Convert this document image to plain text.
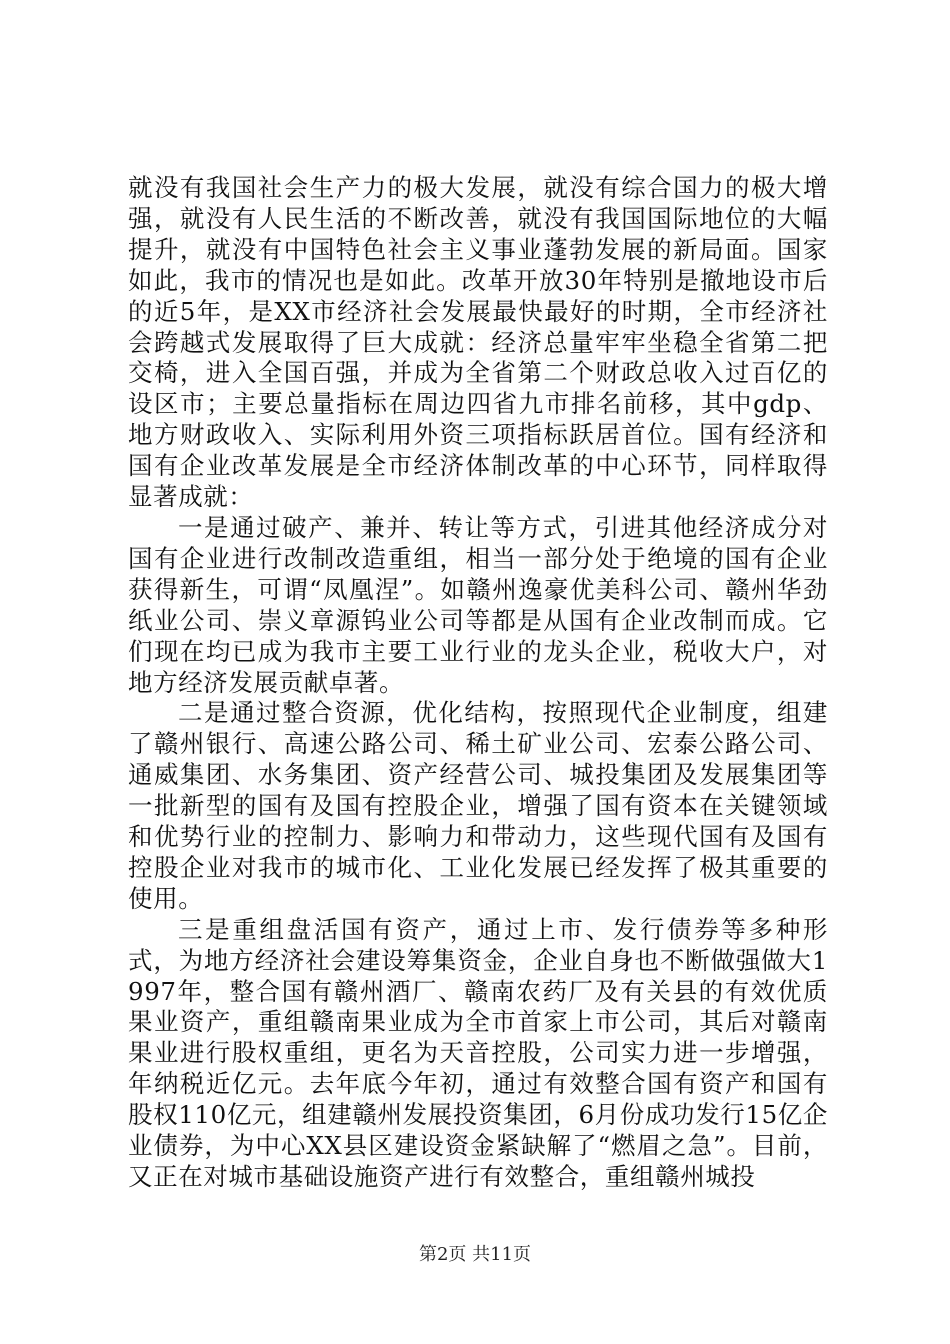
就没有我国社会生产力的极大发展，就没有综合国力的极大增强，就没有人民生活的不断改善，就没有我国国际地位的大幅提升，就没有中国特色社会主义事业蓬勃发展的新局面。国家如此，我市的情况也是如此。改革开放30年特别是撤地设市后的近5年，是XX市经济社会发展最快最好的时期，全市经济社会跨越式发展取得了巨大成就：经济总量牢牢坐稳全省第二把交椅，进入全国百强，并成为全省第二个财政总收入过百亿的设区市；主要总量指标在周边四省九市排名前移，其中gdp、地方财政收入、实际利用外资三项指标跃居首位。国有经济和国有企业改革发展是全市经济体制改革的中心环节，同样取得显著成就：

一是通过破产、兼并、转让等方式，引进其他经济成分对国有企业进行改制改造重组，相当一部分处于绝境的国有企业获得新生，可谓“凤凰涅”。如赣州逸豪优美科公司、赣州华劲纸业公司、崇义章源钨业公司等都是从国有企业改制而成。它们现在均已成为我市主要工业行业的龙头企业，税收大户，对地方经济发展贡献卓著。

二是通过整合资源，优化结构，按照现代企业制度，组建了赣州银行、高速公路公司、稀土矿业公司、宏泰公路公司、通威集团、水务集团、资产经营公司、城投集团及发展集团等一批新型的国有及国有控股企业，增强了国有资本在关键领域和优势行业的控制力、影响力和带动力，这些现代国有及国有控股企业对我市的城市化、工业化发展已经发挥了极其重要的使用。

三是重组盘活国有资产，通过上市、发行债券等多种形式，为地方经济社会建设筹集资金，企业自身也不断做强做大1997年，整合国有赣州酒厂、赣南农药厂及有关县的有效优质果业资产，重组赣南果业成为全市首家上市公司，其后对赣南果业进行股权重组，更名为天音控股，公司实力进一步增强，年纳税近亿元。去年底今年初，通过有效整合国有资产和国有股权110亿元，组建赣州发展投资集团，6月份成功发行15亿企业债券，为中心XX县区建设资金紧缺解了“燃眉之急”。目前，又正在对城市基础设施资产进行有效整合，重组赣州城投

第2页 共11页
